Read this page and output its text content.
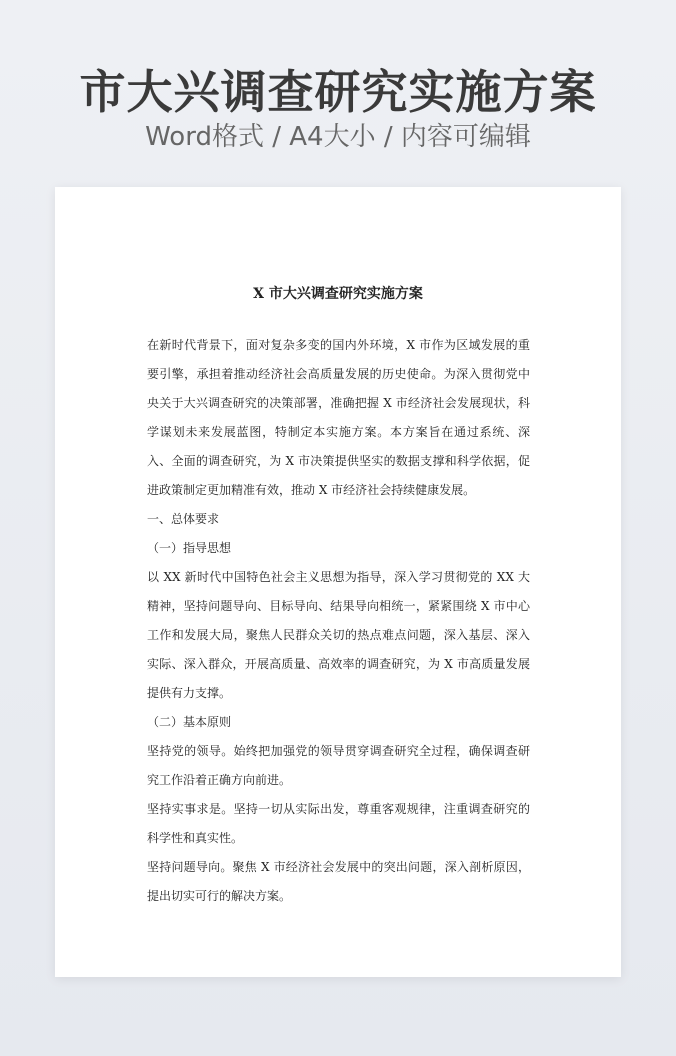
市大兴调查研究实施方案
Word格式 / A4大小 / 内容可编辑
X 市大兴调查研究实施方案

在新时代背景下，面对复杂多变的国内外环境，X 市作为区域发展的重要引擎，承担着推动经济社会高质量发展的历史使命。为深入贯彻党中央关于大兴调查研究的决策部署，准确把握 X 市经济社会发展现状，科学谋划未来发展蓝图，特制定本实施方案。本方案旨在通过系统、深入、全面的调查研究，为 X 市决策提供坚实的数据支撑和科学依据，促进政策制定更加精准有效，推动 X 市经济社会持续健康发展。

一、总体要求

（一）指导思想

以 XX 新时代中国特色社会主义思想为指导，深入学习贯彻党的 XX 大精神，坚持问题导向、目标导向、结果导向相统一，紧紧围绕 X 市中心工作和发展大局，聚焦人民群众关切的热点难点问题，深入基层、深入实际、深入群众，开展高质量、高效率的调查研究，为 X 市高质量发展提供有力支撑。

（二）基本原则

坚持党的领导。始终把加强党的领导贯穿调查研究全过程，确保调查研究工作沿着正确方向前进。

坚持实事求是。坚持一切从实际出发，尊重客观规律，注重调查研究的科学性和真实性。

坚持问题导向。聚焦 X 市经济社会发展中的突出问题，深入剖析原因，提出切实可行的解决方案。
